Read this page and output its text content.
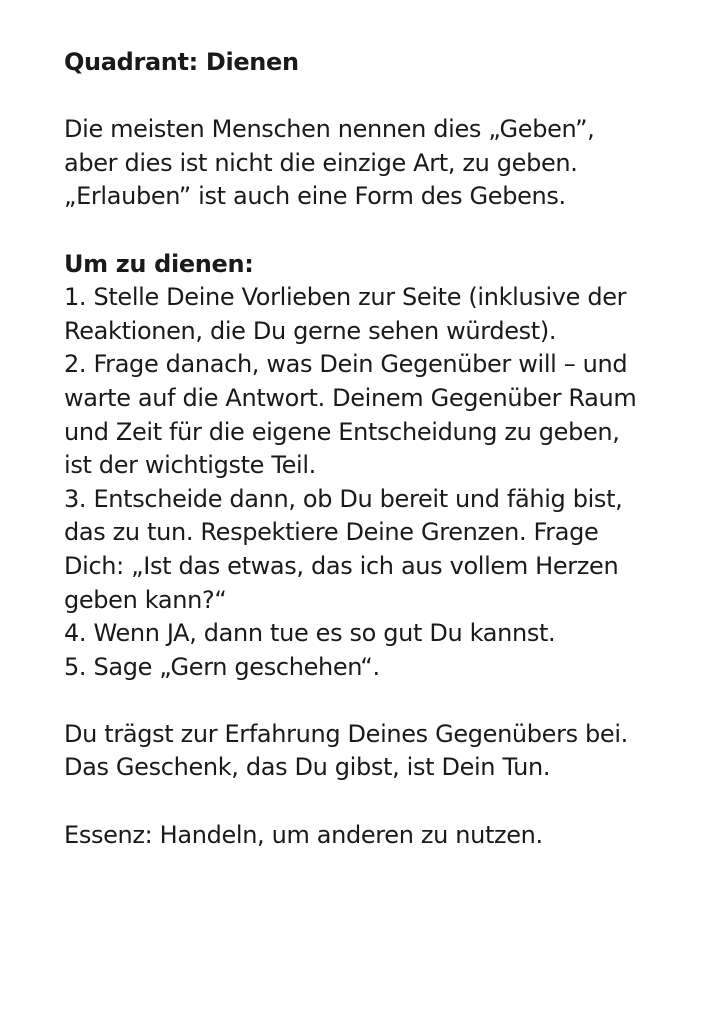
Quadrant: Dienen
Die meisten Menschen nennen dies „Geben”,
aber dies ist nicht die einzige Art, zu geben.
„Erlauben” ist auch eine Form des Gebens.
Um zu dienen:
1. Stelle Deine Vorlieben zur Seite (inklusive der
Reaktionen, die Du gerne sehen würdest).
2. Frage danach, was Dein Gegenüber will – und
warte auf die Antwort. Deinem Gegenüber Raum
und Zeit für die eigene Entscheidung zu geben,
ist der wichtigste Teil.
3. Entscheide dann, ob Du bereit und fähig bist,
das zu tun. Respektiere Deine Grenzen. Frage
Dich: „Ist das etwas, das ich aus vollem Herzen
geben kann?“
4. Wenn JA, dann tue es so gut Du kannst.
5. Sage „Gern geschehen“.
Du trägst zur Erfahrung Deines Gegenübers bei.
Das Geschenk, das Du gibst, ist Dein Tun.
Essenz: Handeln, um anderen zu nutzen.
